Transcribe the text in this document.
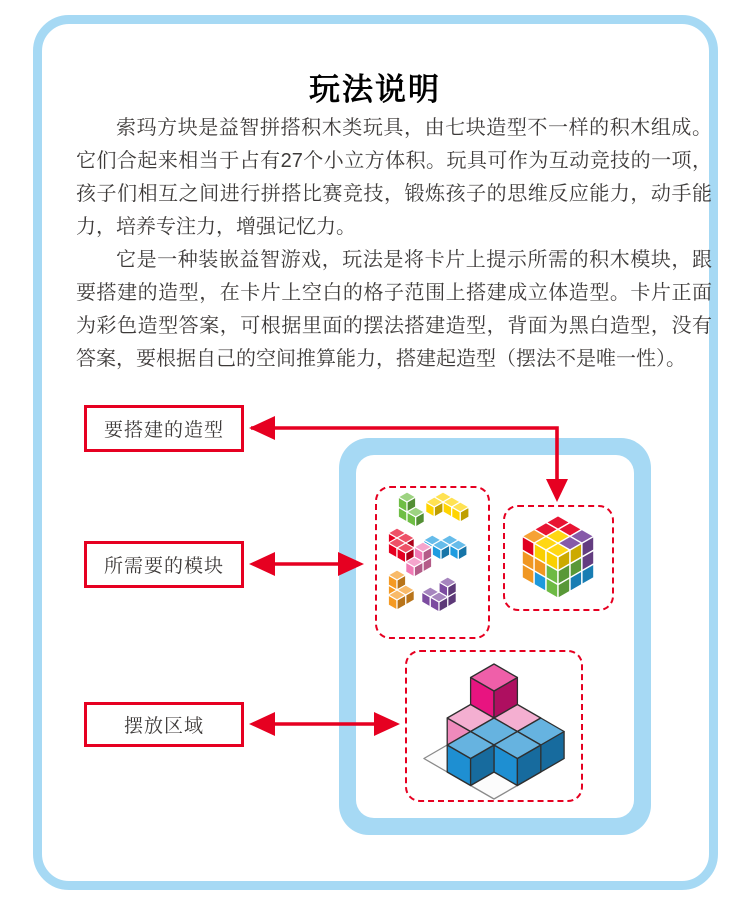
玩法说明

索玛方块是益智拼搭积木类玩具，由七块造型不一样的积木组成。它们合起来相当于占有27个小立方体积。玩具可作为互动竞技的一项，孩子们相互之间进行拼搭比赛竞技，锻炼孩子的思维反应能力，动手能力，培养专注力，增强记忆力。

它是一种装嵌益智游戏，玩法是将卡片上提示所需的积木模块，跟要搭建的造型，在卡片上空白的格子范围上搭建成立体造型。卡片正面为彩色造型答案，可根据里面的摆法搭建造型，背面为黑白造型，没有答案，要根据自己的空间推算能力，搭建起造型（摆法不是唯一性）。

要搭建的造型
所需要的模块
摆放区域
